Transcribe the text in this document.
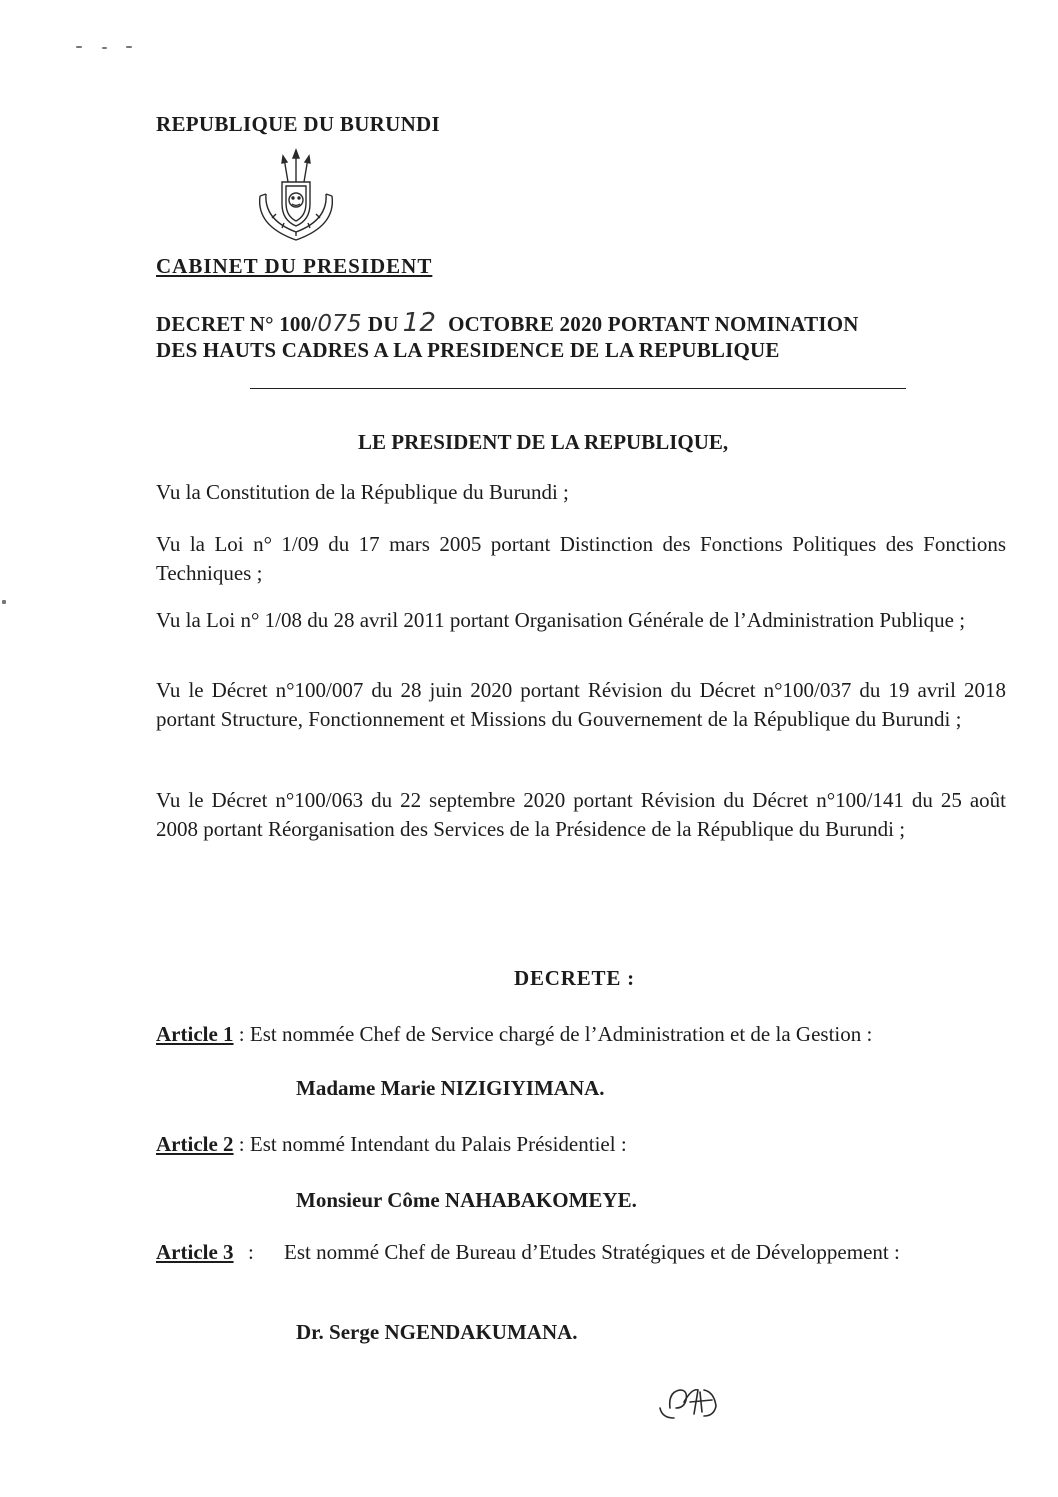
REPUBLIQUE DU BURUNDI
CABINET DU PRESIDENT
DECRET N° 100/075 DU 12 OCTOBRE 2020 PORTANT NOMINATION
DES HAUTS CADRES A LA PRESIDENCE DE LA REPUBLIQUE
LE PRESIDENT DE LA REPUBLIQUE,
Vu la Constitution de la République du Burundi ;
Vu la Loi n° 1/09 du 17 mars 2005 portant Distinction des Fonctions Politiques des Fonctions Techniques ;
Vu la Loi n° 1/08 du 28 avril 2011 portant Organisation Générale de l’Administration Publique ;
Vu le Décret n°100/007 du 28 juin 2020 portant Révision du Décret n°100/037 du 19 avril 2018 portant Structure, Fonctionnement et Missions du Gouvernement de la République du Burundi ;
Vu le Décret n°100/063 du 22 septembre 2020 portant Révision du Décret n°100/141 du 25 août 2008 portant Réorganisation des Services de la Présidence de la République du Burundi ;
DECRETE :
Article 1 : Est nommée Chef de Service chargé de l’Administration et de la Gestion :
Madame Marie NIZIGIYIMANA.
Article 2 : Est nommé Intendant du Palais Présidentiel :
Monsieur Côme NAHABAKOMEYE.
Article 3 : Est nommé Chef de Bureau d’Etudes Stratégiques et de Développement :
Dr. Serge NGENDAKUMANA.
